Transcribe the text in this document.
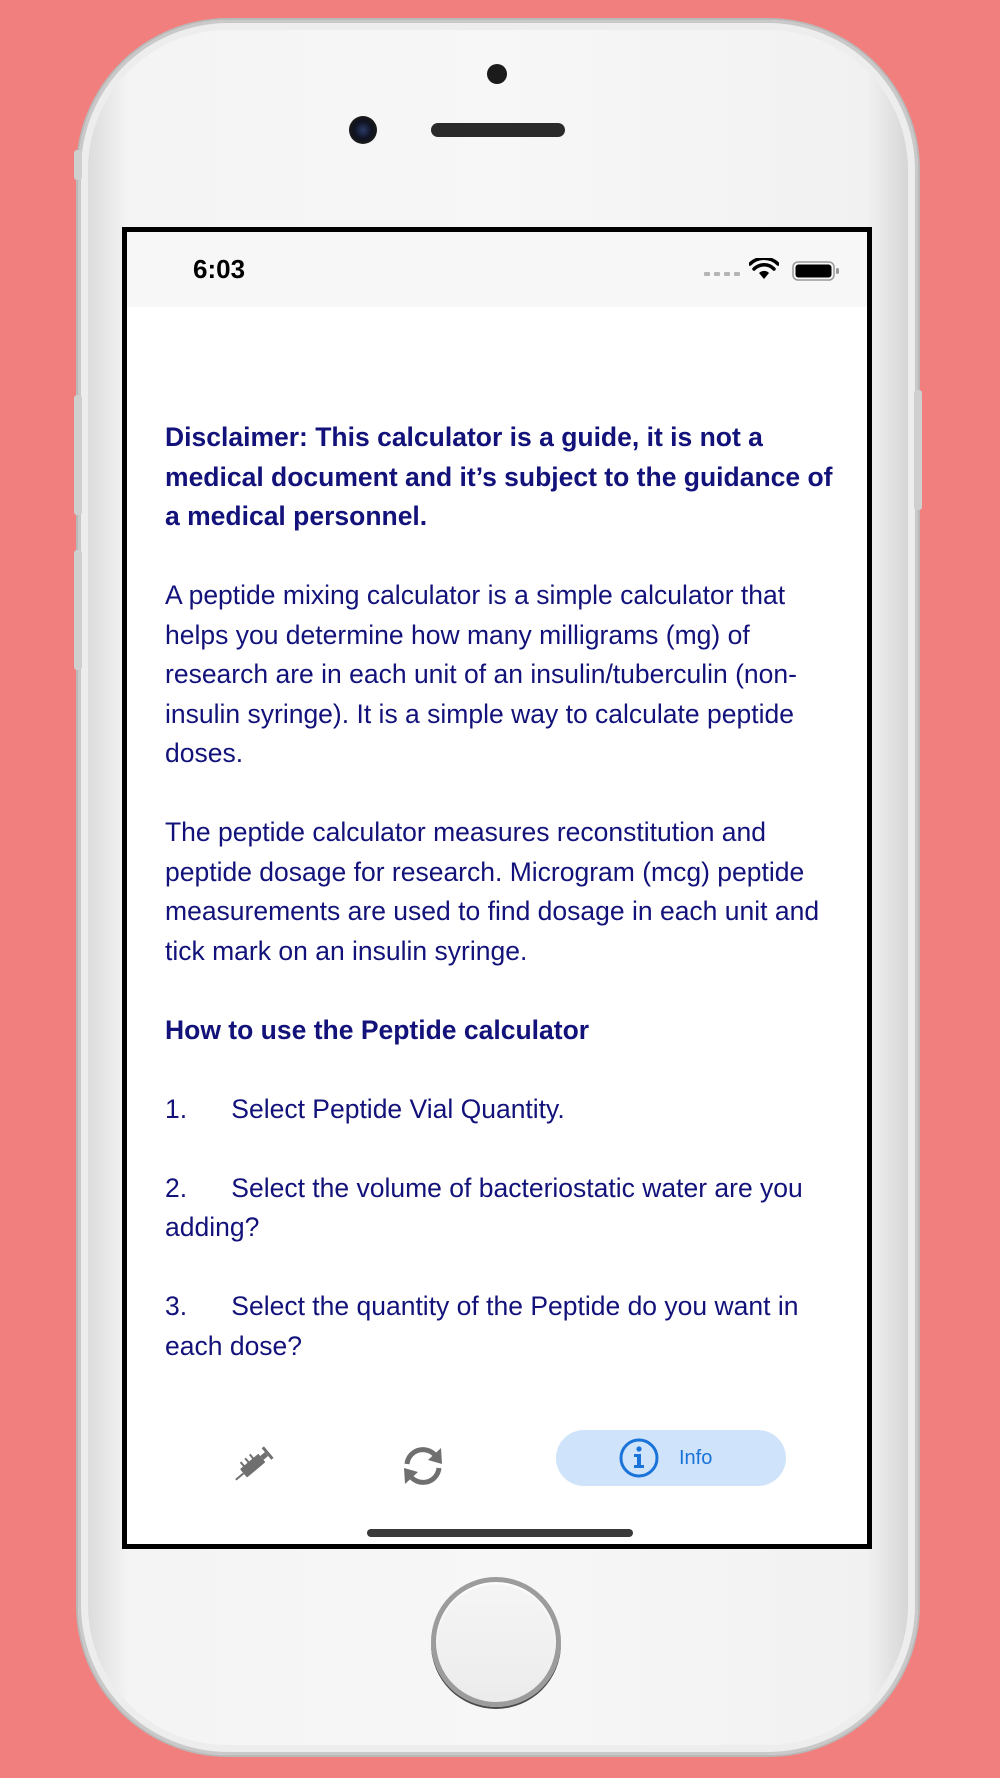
6:03

Disclaimer: This calculator is a guide, it is not a medical document and it’s subject to the guidance of a medical personnel.

A peptide mixing calculator is a simple calculator that helps you determine how many milligrams (mg) of research are in each unit of an insulin/tuberculin (non-insulin syringe). It is a simple way to calculate peptide doses.

The peptide calculator measures reconstitution and peptide dosage for research. Microgram (mcg) peptide measurements are used to find dosage in each unit and tick mark on an insulin syringe.

How to use the Peptide calculator

1.      Select Peptide Vial Quantity.

2.      Select the volume of bacteriostatic water are you adding?

3.      Select the quantity of the Peptide do you want in each dose?

Info
